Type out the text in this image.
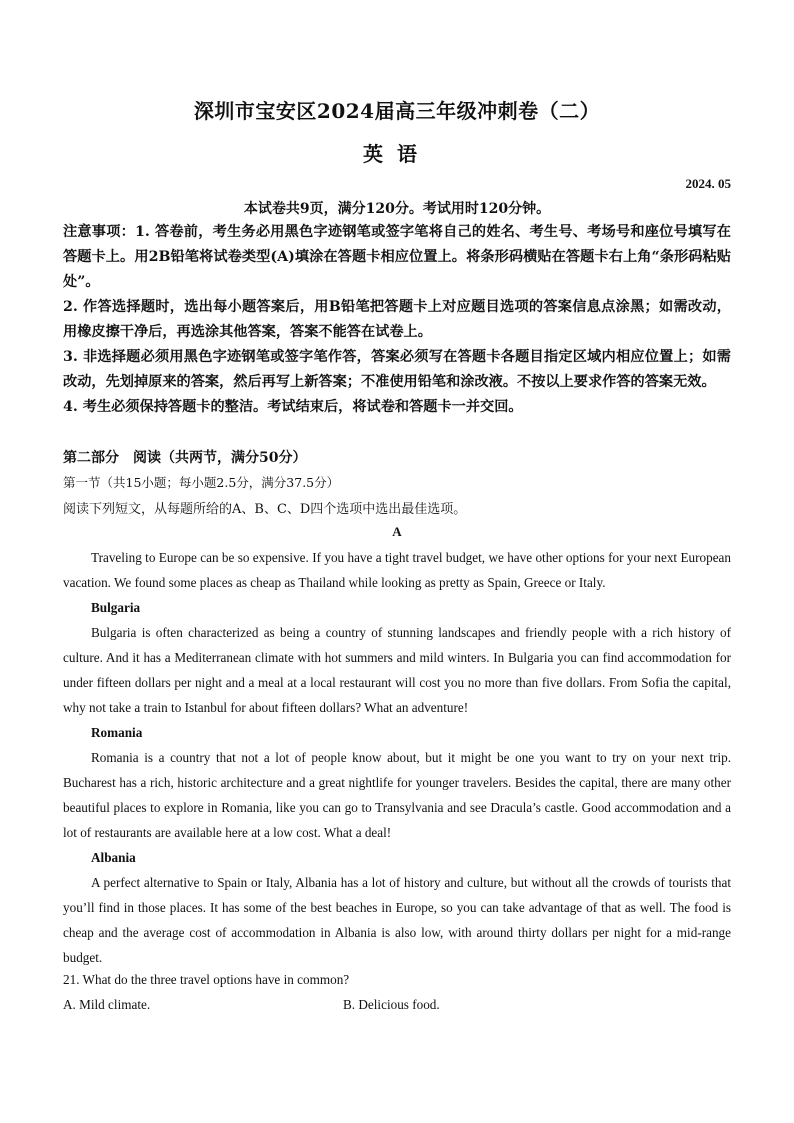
深圳市宝安区2024届高三年级冲刺卷（二）
英语
2024. 05
本试卷共9页，满分120分。考试用时120分钟。

注意事项：1. 答卷前，考生务必用黑色字迹钢笔或签字笔将自己的姓名、考生号、考场号和座位号填写在答题卡上。用2B铅笔将试卷类型(A)填涂在答题卡相应位置上。将条形码横贴在答题卡右上角“条形码粘贴处”。

2. 作答选择题时，选出每小题答案后，用B铅笔把答题卡上对应题目选项的答案信息点涂黑；如需改动，用橡皮擦干净后，再选涂其他答案，答案不能答在试卷上。

3. 非选择题必须用黑色字迹钢笔或签字笔作答，答案必须写在答题卡各题目指定区域内相应位置上；如需改动，先划掉原来的答案，然后再写上新答案；不准使用铅笔和涂改液。不按以上要求作答的答案无效。

4. 考生必须保持答题卡的整洁。考试结束后，将试卷和答题卡一并交回。

第二部分　阅读（共两节，满分50分）
第一节（共15小题；每小题2.5分，满分37.5分）
阅读下列短文，从每题所给的A、B、C、D四个选项中选出最佳选项。
A

Traveling to Europe can be so expensive. If you have a tight travel budget, we have other options for your next European vacation. We found some places as cheap as Thailand while looking as pretty as Spain, Greece or Italy.

Bulgaria

Bulgaria is often characterized as being a country of stunning landscapes and friendly people with a rich history of culture. And it has a Mediterranean climate with hot summers and mild winters. In Bulgaria you can find accommodation for under fifteen dollars per night and a meal at a local restaurant will cost you no more than five dollars. From Sofia the capital, why not take a train to Istanbul for about fifteen dollars? What an adventure!

Romania

Romania is a country that not a lot of people know about, but it might be one you want to try on your next trip. Bucharest has a rich, historic architecture and a great nightlife for younger travelers. Besides the capital, there are many other beautiful places to explore in Romania, like you can go to Transylvania and see Dracula’s castle. Good accommodation and a lot of restaurants are available here at a low cost. What a deal!

Albania

A perfect alternative to Spain or Italy, Albania has a lot of history and culture, but without all the crowds of tourists that you’ll find in those places. It has some of the best beaches in Europe, so you can take advantage of that as well. The food is cheap and the average cost of accommodation in Albania is also low, with around thirty dollars per night for a mid-range budget.

21. What do the three travel options have in common?
A. Mild climate.	B. Delicious food.
